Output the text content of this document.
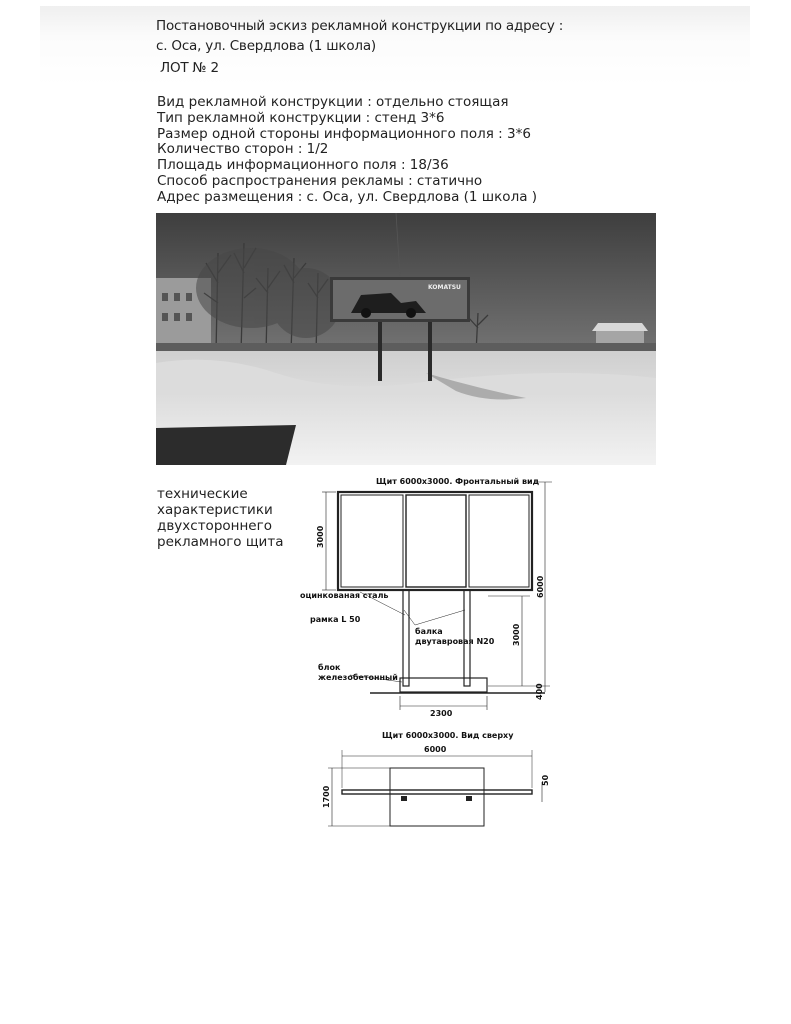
Постановочный эскиз рекламной конструкции по адресу :
с. Оса, ул. Свердлова (1 школа)
ЛОТ № 2
Вид рекламной конструкции : отдельно стоящая
Тип рекламной конструкции : стенд 3*6
Размер одной стороны информационного поля : 3*6
Количество сторон : 1/2
Площадь информационного поля : 18/36
Способ распространения рекламы : статично
Адрес размещения : с. Оса, ул. Свердлова (1 школа )
KOMATSU
технические
характеристики
двухстороннего
рекламного щита
Щит 6000х3000. Фронтальный вид
3000
6000
3000
400
2300
оцинкованая сталь
рамка L 50
балка
двутавровая N20
блок
железобетонный
Щит 6000х3000. Вид сверху
6000
1700
50
